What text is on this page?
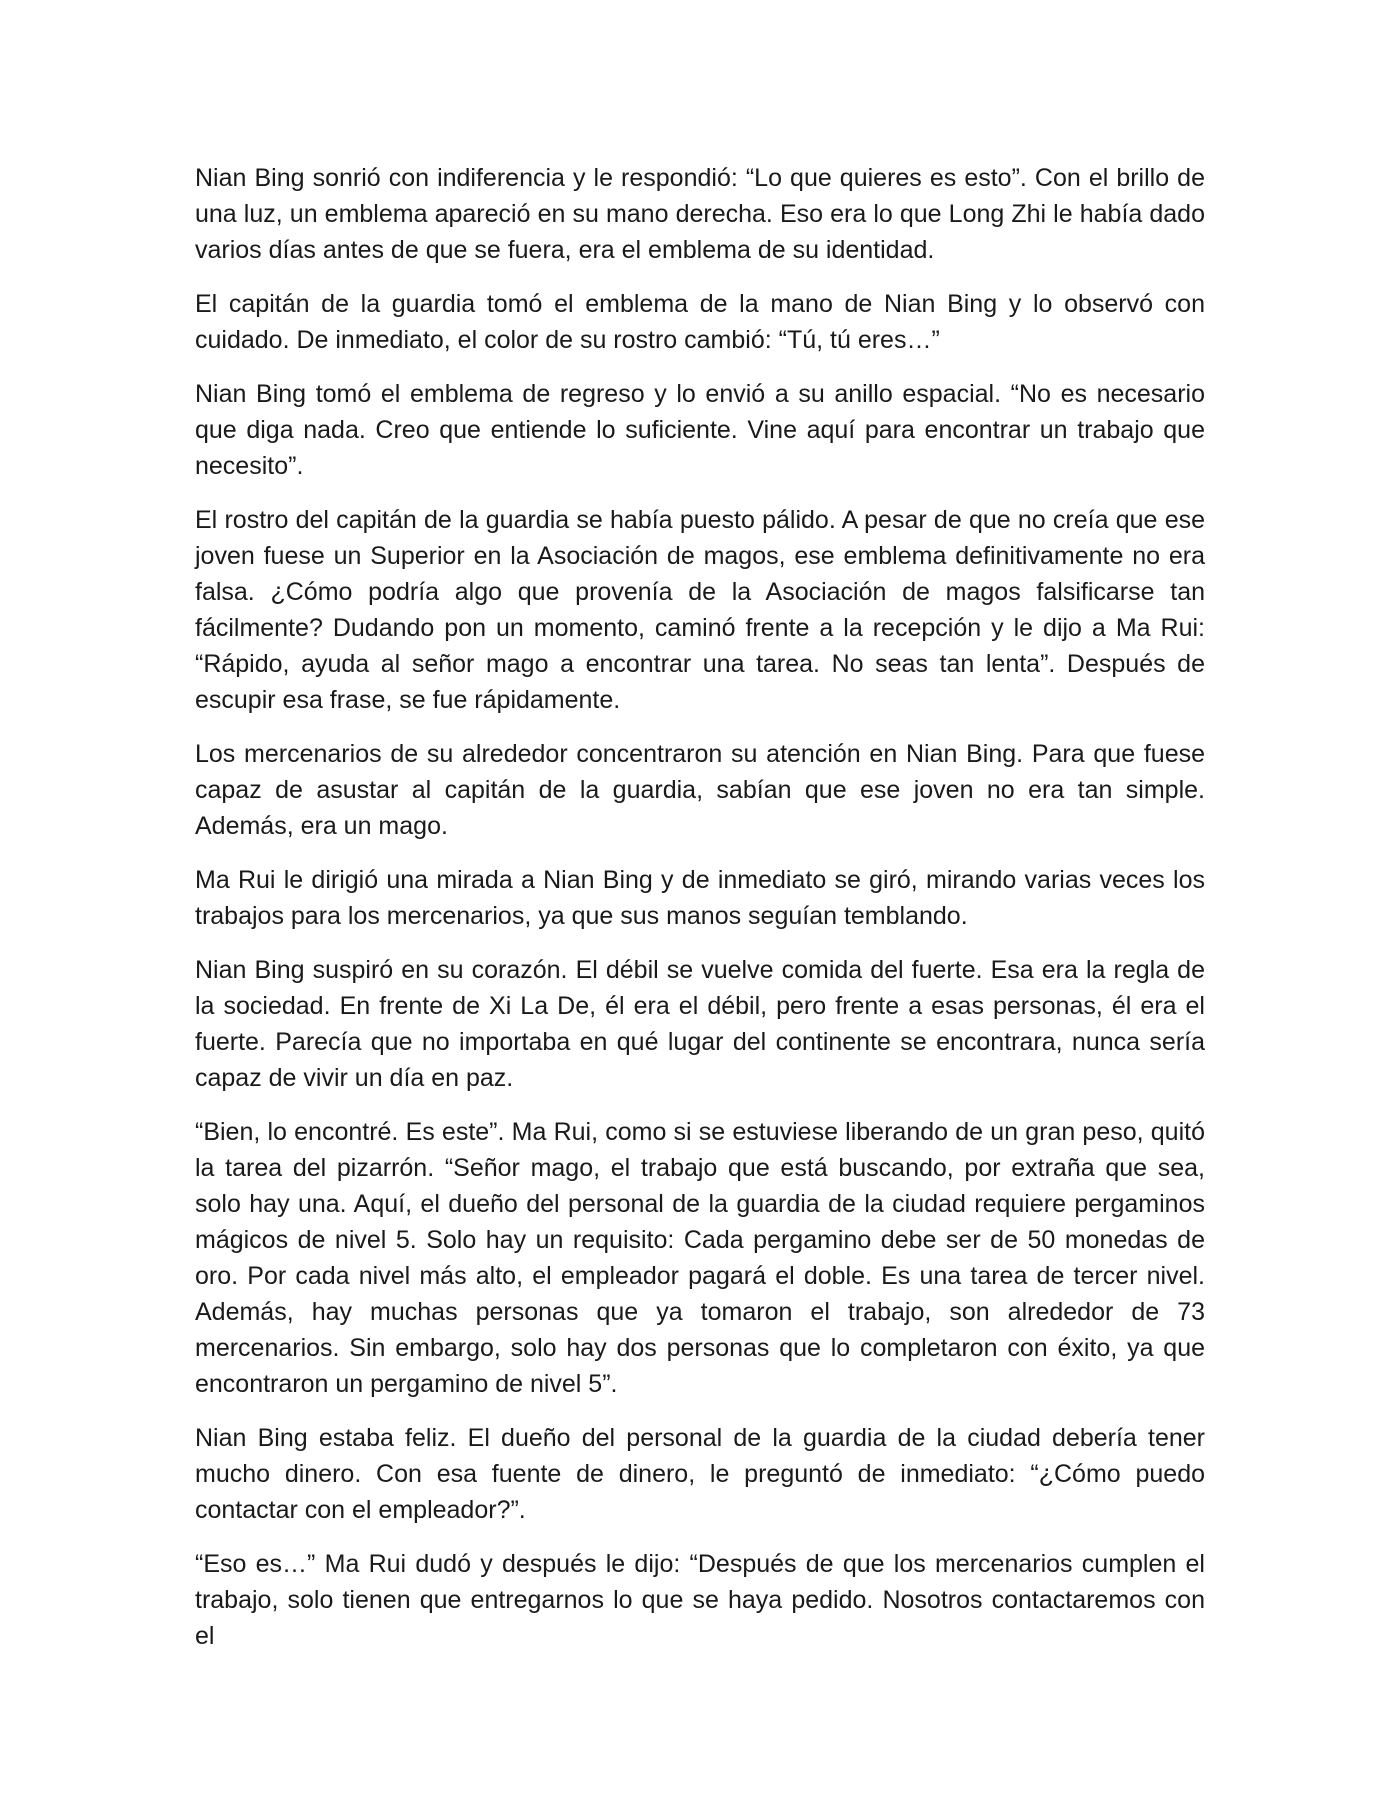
Nian Bing sonrió con indiferencia y le respondió: “Lo que quieres es esto”. Con el brillo de una luz, un emblema apareció en su mano derecha. Eso era lo que Long Zhi le había dado varios días antes de que se fuera, era el emblema de su identidad.

El capitán de la guardia tomó el emblema de la mano de Nian Bing y lo observó con cuidado. De inmediato, el color de su rostro cambió: “Tú, tú eres…”

Nian Bing tomó el emblema de regreso y lo envió a su anillo espacial. “No es necesario que diga nada. Creo que entiende lo suficiente. Vine aquí para encontrar un trabajo que necesito”.

El rostro del capitán de la guardia se había puesto pálido. A pesar de que no creía que ese joven fuese un Superior en la Asociación de magos, ese emblema definitivamente no era falsa. ¿Cómo podría algo que provenía de la Asociación de magos falsificarse tan fácilmente? Dudando pon un momento, caminó frente a la recepción y le dijo a Ma Rui: “Rápido, ayuda al señor mago a encontrar una tarea. No seas tan lenta”. Después de escupir esa frase, se fue rápidamente.

Los mercenarios de su alrededor concentraron su atención en Nian Bing. Para que fuese capaz de asustar al capitán de la guardia, sabían que ese joven no era tan simple. Además, era un mago.

Ma Rui le dirigió una mirada a Nian Bing y de inmediato se giró, mirando varias veces los trabajos para los mercenarios, ya que sus manos seguían temblando.

Nian Bing suspiró en su corazón. El débil se vuelve comida del fuerte. Esa era la regla de la sociedad. En frente de Xi La De, él era el débil, pero frente a esas personas, él era el fuerte. Parecía que no importaba en qué lugar del continente se encontrara, nunca sería capaz de vivir un día en paz.

“Bien, lo encontré. Es este”. Ma Rui, como si se estuviese liberando de un gran peso, quitó la tarea del pizarrón. “Señor mago, el trabajo que está buscando, por extraña que sea, solo hay una. Aquí, el dueño del personal de la guardia de la ciudad requiere pergaminos mágicos de nivel 5. Solo hay un requisito: Cada pergamino debe ser de 50 monedas de oro. Por cada nivel más alto, el empleador pagará el doble. Es una tarea de tercer nivel. Además, hay muchas personas que ya tomaron el trabajo, son alrededor de 73 mercenarios. Sin embargo, solo hay dos personas que lo completaron con éxito, ya que encontraron un pergamino de nivel 5”.

Nian Bing estaba feliz. El dueño del personal de la guardia de la ciudad debería tener mucho dinero. Con esa fuente de dinero, le preguntó de inmediato: “¿Cómo puedo contactar con el empleador?”.

“Eso es…” Ma Rui dudó y después le dijo: “Después de que los mercenarios cumplen el trabajo, solo tienen que entregarnos lo que se haya pedido. Nosotros contactaremos con el
